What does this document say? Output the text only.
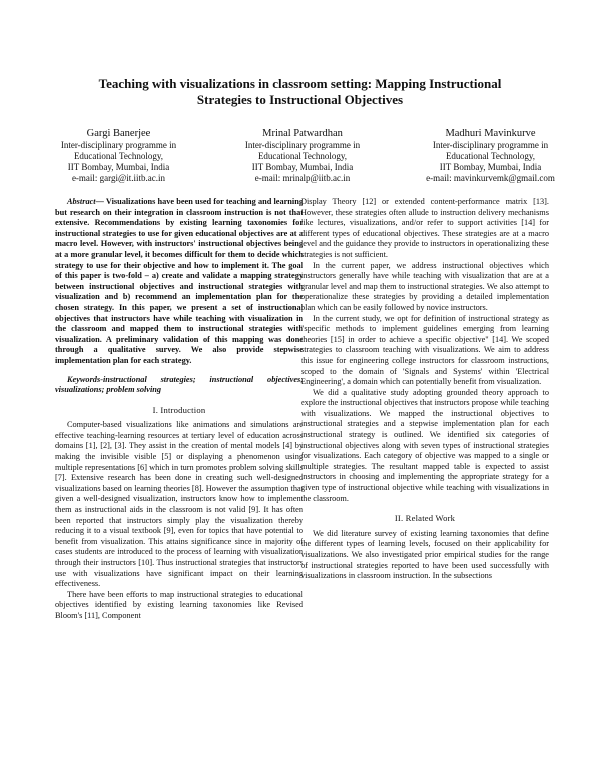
Teaching with visualizations in classroom setting: Mapping Instructional
Strategies to Instructional Objectives
Gargi Banerjee
Inter-disciplinary programme in
Educational Technology,
IIT Bombay, Mumbai, India
e-mail: gargi@it.iitb.ac.in
Mrinal Patwardhan
Inter-disciplinary programme in
Educational Technology,
IIT Bombay, Mumbai, India
e-mail: mrinalp@iitb.ac.in
Madhuri Mavinkurve
Inter-disciplinary programme in
Educational Technology,
IIT Bombay, Mumbai, India
e-mail: mavinkurvemk@gmail.com

Abstract— Visualizations have been used for teaching and learning but research on their integration in classroom instruction is not that extensive. Recommendations by existing learning taxonomies for instructional strategies to use for given educational objectives are at a macro level. However, with instructors' instructional objectives being at a more granular level, it becomes difficult for them to decide which strategy to use for their objective and how to implement it. The goal of this paper is two-fold – a) create and validate a mapping strategy between instructional objectives and instructional strategies with visualization and b) recommend an implementation plan for the chosen strategy. In this paper, we present a set of instructional objectives that instructors have while teaching with visualization in the classroom and mapped them to instructional strategies with visualization. A preliminary validation of this mapping was done through a qualitative survey. We also provide stepwise implementation plan for each strategy.

Keywords-instructional strategies; instructional objectives; visualizations; problem solving

I. Introduction

Computer-based visualizations like animations and simulations are effective teaching-learning resources at tertiary level of education across domains [1], [2], [3]. They assist in the creation of mental models [4] by making the invisible visible [5] or displaying a phenomenon using multiple representations [6] which in turn promotes problem solving skills [7]. Extensive research has been done in creating such well-designed visualizations based on learning theories [8]. However the assumption that given a well-designed visualization, instructors know how to implement them as instructional aids in the classroom is not valid [9]. It has often been reported that instructors simply play the visualization thereby reducing it to a visual textbook [9], even for topics that have potential to benefit from visualization. This attains significance since in majority of cases students are introduced to the process of learning with visualization through their instructors [10]. Thus instructional strategies that instructors use with visualizations have significant impact on their learning effectiveness.

There have been efforts to map instructional strategies to educational objectives identified by existing learning taxonomies like Revised Bloom's [11], Component

Display Theory [12] or extended content-performance matrix [13]. However, these strategies often allude to instruction delivery mechanisms like lectures, visualizations, and/or refer to support activities [14] for different types of educational objectives. These strategies are at a macro level and the guidance they provide to instructors in operationalizing these strategies is not sufficient.

In the current paper, we address instructional objectives which instructors generally have while teaching with visualization that are at a granular level and map them to instructional strategies. We also attempt to operationalize these strategies by providing a detailed implementation plan which can be easily followed by novice instructors.

In the current study, we opt for definition of instructional strategy as "specific methods to implement guidelines emerging from learning theories [15] in order to achieve a specific objective" [14]. We scoped strategies to classroom teaching with visualizations. We aim to address this issue for engineering college instructors for classroom instructions, scoped to the domain of 'Signals and Systems' within 'Electrical Engineering', a domain which can potentially benefit from visualization.

We did a qualitative study adopting grounded theory approach to explore the instructional objectives that instructors propose while teaching with visualizations. We mapped the instructional objectives to instructional strategies and a stepwise implementation plan for each instructional strategy is outlined. We identified six categories of instructional objectives along with seven types of instructional strategies for visualizations. Each category of objective was mapped to a single or multiple strategies. The resultant mapped table is expected to assist instructors in choosing and implementing the appropriate strategy for a given type of instructional objective while teaching with visualizations in the classroom.

II. Related Work

We did literature survey of existing learning taxonomies that define the different types of learning levels, focused on their applicability for visualizations. We also investigated prior empirical studies for the range of instructional strategies reported to have been used successfully with visualizations in classroom instruction. In the subsections
